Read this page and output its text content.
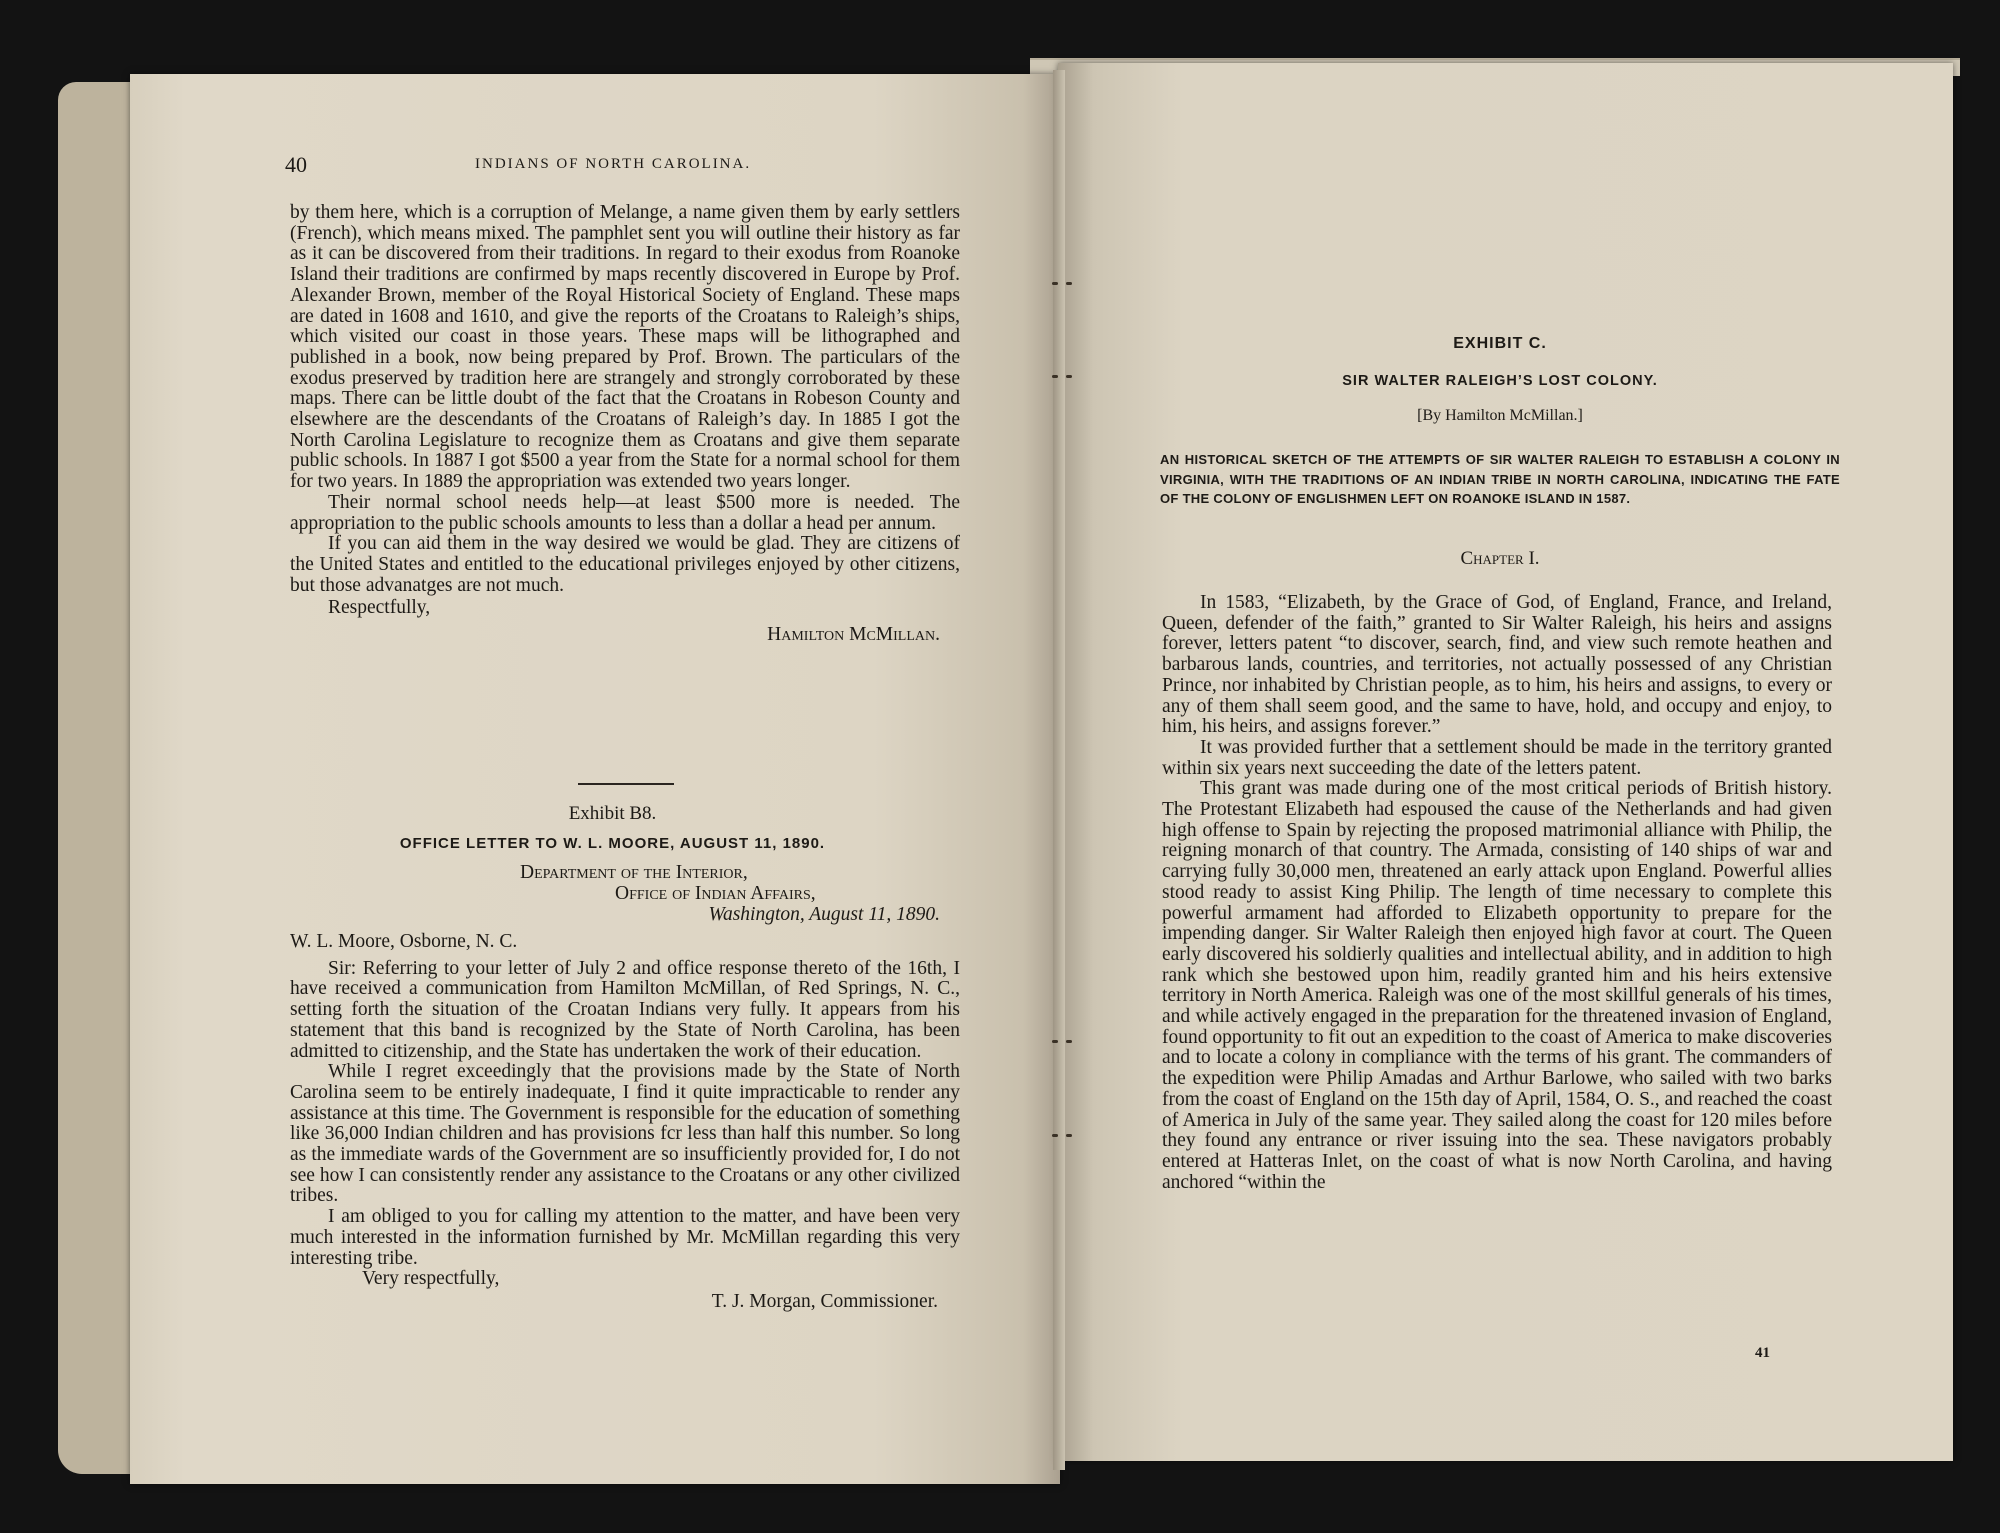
40	INDIANS OF NORTH CAROLINA.

by them here, which is a corruption of Melange, a name given them by early settlers (French), which means mixed. The pamphlet sent you will outline their history as far as it can be discovered from their traditions. In regard to their exodus from Roanoke Island their traditions are confirmed by maps recently discovered in Europe by Prof. Alexander Brown, member of the Royal Historical Society of England. These maps are dated in 1608 and 1610, and give the reports of the Croatans to Raleigh’s ships, which visited our coast in those years. These maps will be lithographed and published in a book, now being prepared by Prof. Brown. The particulars of the exodus preserved by tradition here are strangely and strongly corroborated by these maps. There can be little doubt of the fact that the Croatans in Robeson County and elsewhere are the descendants of the Croatans of Raleigh’s day. In 1885 I got the North Carolina Legislature to recognize them as Croatans and give them separate public schools. In 1887 I got $500 a year from the State for a normal school for them for two years. In 1889 the appropriation was extended two years longer.

Their normal school needs help—at least $500 more is needed. The appropriation to the public schools amounts to less than a dollar a head per annum.

If you can aid them in the way desired we would be glad. They are citizens of the United States and entitled to the educational privileges enjoyed by other citizens, but those advanatges are not much.

Respectfully,

Hamilton McMillan.

Exhibit B8.
OFFICE LETTER TO W. L. MOORE, AUGUST 11, 1890.
Department of the Interior,
Office of Indian Affairs,
Washington, August 11, 1890.

W. L. Moore, Osborne, N. C.

Sir: Referring to your letter of July 2 and office response thereto of the 16th, I have received a communication from Hamilton McMillan, of Red Springs, N. C., setting forth the situation of the Croatan Indians very fully. It appears from his statement that this band is recognized by the State of North Carolina, has been admitted to citizenship, and the State has undertaken the work of their education.

While I regret exceedingly that the provisions made by the State of North Carolina seem to be entirely inadequate, I find it quite impracticable to render any assistance at this time. The Government is responsible for the education of something like 36,000 Indian children and has provisions fcr less than half this number. So long as the immediate wards of the Government are so insufficiently provided for, I do not see how I can consistently render any assistance to the Croatans or any other civilized tribes.

I am obliged to you for calling my attention to the matter, and have been very much interested in the information furnished by Mr. McMillan regarding this very interesting tribe.

Very respectfully,

T. J. Morgan, Commissioner.

EXHIBIT C.
SIR WALTER RALEIGH’S LOST COLONY.
[By Hamilton McMillan.]
AN HISTORICAL SKETCH OF THE ATTEMPTS OF SIR WALTER RALEIGH TO ESTABLISH A COLONY IN VIRGINIA, WITH THE TRADITIONS OF AN INDIAN TRIBE IN NORTH CAROLINA, INDICATING THE FATE OF THE COLONY OF ENGLISHMEN LEFT ON ROANOKE ISLAND IN 1587.
Chapter I.

In 1583, “Elizabeth, by the Grace of God, of England, France, and Ireland, Queen, defender of the faith,” granted to Sir Walter Raleigh, his heirs and assigns forever, letters patent “to discover, search, find, and view such remote heathen and barbarous lands, countries, and territories, not actually possessed of any Christian Prince, nor inhabited by Christian people, as to him, his heirs and assigns, to every or any of them shall seem good, and the same to have, hold, and occupy and enjoy, to him, his heirs, and assigns forever.”

It was provided further that a settlement should be made in the territory granted within six years next succeeding the date of the letters patent.

This grant was made during one of the most critical periods of British history. The Protestant Elizabeth had espoused the cause of the Netherlands and had given high offense to Spain by rejecting the proposed matrimonial alliance with Philip, the reigning monarch of that country. The Armada, consisting of 140 ships of war and carrying fully 30,000 men, threatened an early attack upon England. Powerful allies stood ready to assist King Philip. The length of time necessary to complete this powerful armament had afforded to Elizabeth opportunity to prepare for the impending danger. Sir Walter Raleigh then enjoyed high favor at court. The Queen early discovered his soldierly qualities and intellectual ability, and in addition to high rank which she bestowed upon him, readily granted him and his heirs extensive territory in North America. Raleigh was one of the most skillful generals of his times, and while actively engaged in the preparation for the threatened invasion of England, found opportunity to fit out an expedition to the coast of America to make discoveries and to locate a colony in compliance with the terms of his grant. The commanders of the expedition were Philip Amadas and Arthur Barlowe, who sailed with two barks from the coast of England on the 15th day of April, 1584, O. S., and reached the coast of America in July of the same year. They sailed along the coast for 120 miles before they found any entrance or river issuing into the sea. These navigators probably entered at Hatteras Inlet, on the coast of what is now North Carolina, and having anchored “within the

41
